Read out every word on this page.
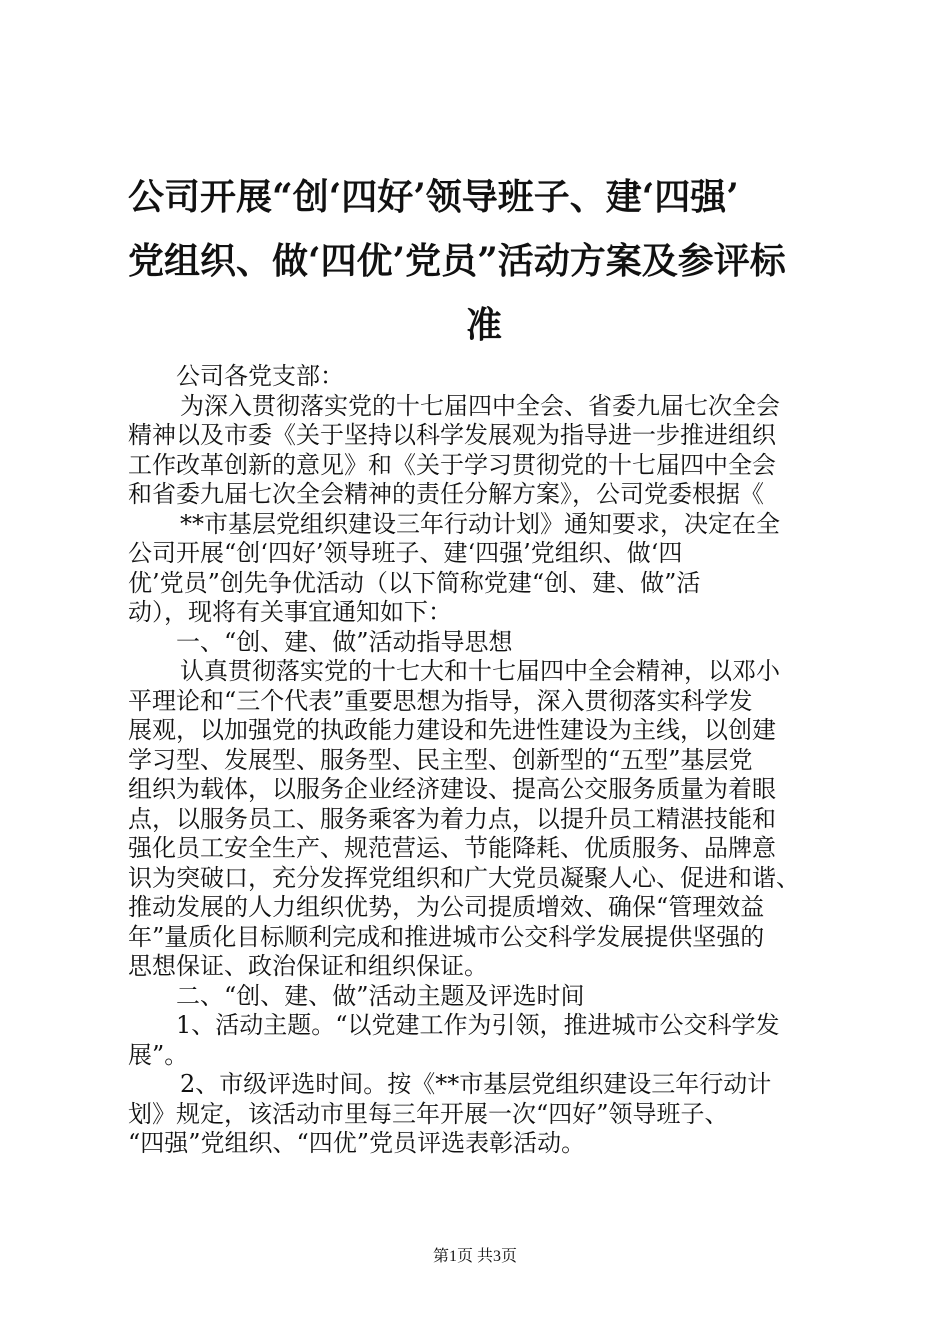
公司开展“创‘四好’领导班子、建‘四强’
党组织、做‘四优’党员”活动方案及参评标
准
公司各党支部：
为深入贯彻落实党的十七届四中全会、省委九届七次全会
精神以及市委《关于坚持以科学发展观为指导进一步推进组织
工作改革创新的意见》和《关于学习贯彻党的十七届四中全会
和省委九届七次全会精神的责任分解方案》，公司党委根据《
**市基层党组织建设三年行动计划》通知要求，决定在全
公司开展“创‘四好’领导班子、建‘四强’党组织、做‘四
优’党员”创先争优活动（以下简称党建“创、建、做”活
动），现将有关事宜通知如下：
一、“创、建、做”活动指导思想
认真贯彻落实党的十七大和十七届四中全会精神，以邓小
平理论和“三个代表”重要思想为指导，深入贯彻落实科学发
展观，以加强党的执政能力建设和先进性建设为主线，以创建
学习型、发展型、服务型、民主型、创新型的“五型”基层党
组织为载体，以服务企业经济建设、提高公交服务质量为着眼
点，以服务员工、服务乘客为着力点，以提升员工精湛技能和
强化员工安全生产、规范营运、节能降耗、优质服务、品牌意
识为突破口，充分发挥党组织和广大党员凝聚人心、促进和谐、
推动发展的人力组织优势，为公司提质增效、确保“管理效益
年”量质化目标顺利完成和推进城市公交科学发展提供坚强的
思想保证、政治保证和组织保证。
二、“创、建、做”活动主题及评选时间
1、活动主题。“以党建工作为引领，推进城市公交科学发
展”。
2、市级评选时间。按《**市基层党组织建设三年行动计
划》规定，该活动市里每三年开展一次“四好”领导班子、
“四强”党组织、“四优”党员评选表彰活动。
第1页 共3页
